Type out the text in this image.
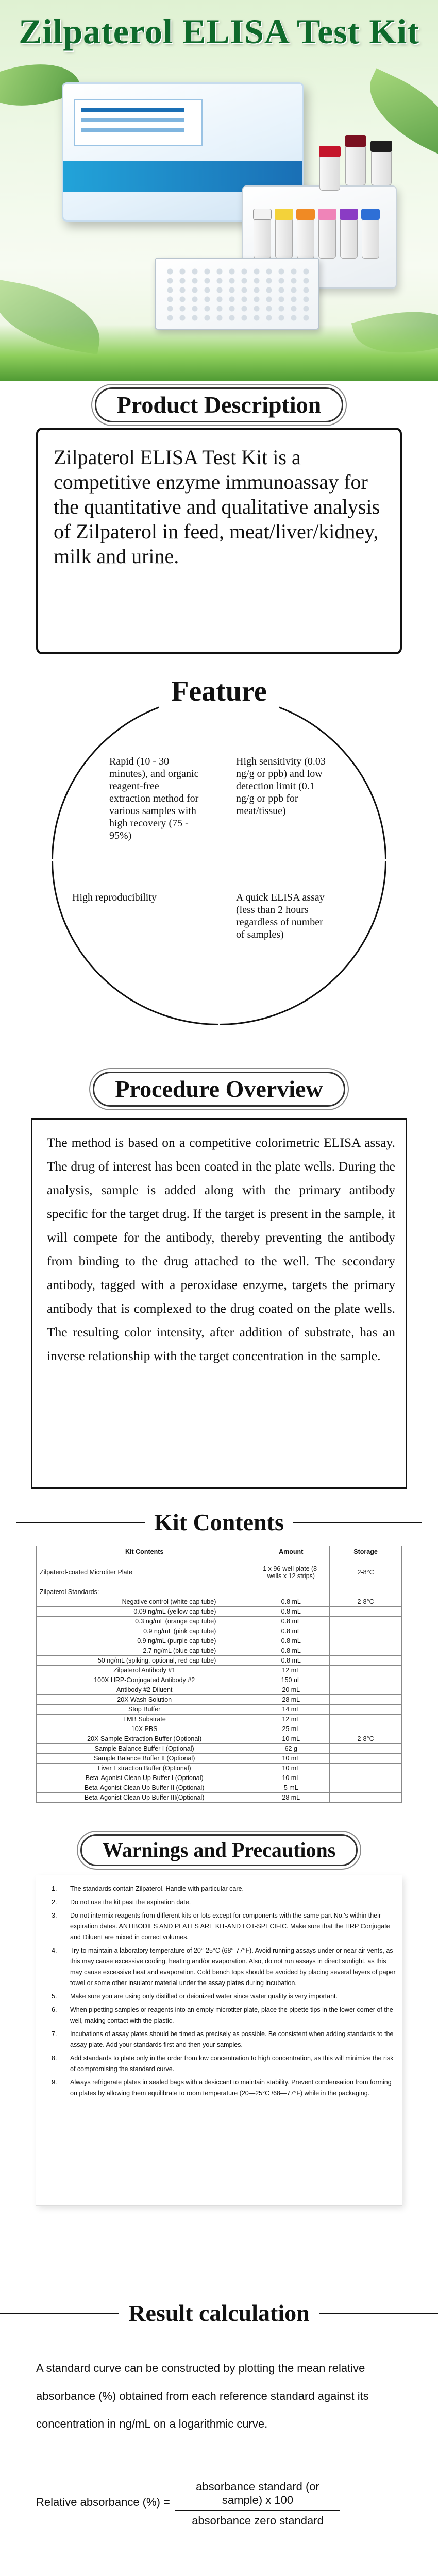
Zilpaterol ELISA Test Kit
Product Description

Zilpaterol ELISA Test Kit is a competitive enzyme immunoassay for the quantitative and qualitative analysis of Zilpaterol in feed, meat/liver/kidney, milk and urine.

Feature
Rapid (10 - 30 minutes), and organic reagent-free extraction method for various samples with high recovery (75 - 95%)
High sensitivity (0.03 ng/g or ppb) and low detection limit (0.1 ng/g or ppb for meat/tissue)
High reproducibility	A quick ELISA assay (less than 2 hours regardless of number of samples)
Procedure Overview

The method is based on a competitive colorimetric ELISA assay. The drug of interest has been coated in the plate wells. During the analysis, sample is added along with the primary antibody specific for the target drug. If the target is present in the sample, it will compete for the antibody, thereby preventing the antibody from binding to the drug attached to the well. The secondary antibody, tagged with a peroxidase enzyme, targets the primary antibody that is complexed to the drug coated on the plate wells. The resulting color intensity, after addition of substrate, has an inverse relationship with the target concentration in the sample.

Kit Contents
Kit Contents	Amount	Storage
Zilpaterol-coated Microtiter Plate	1 x 96-well plate (8-wells x 12 strips)	2-8°C
Zilpaterol Standards:		
Negative control (white cap tube)	0.8 mL	2-8°C
0.09 ng/mL (yellow cap tube)	0.8 mL	
0.3 ng/mL (orange cap tube)	0.8 mL	
0.9 ng/mL (pink cap tube)	0.8 mL	
0.9 ng/mL (purple cap tube)	0.8 mL	
2.7 ng/mL (blue cap tube)	0.8 mL	
50 ng/mL (spiking, optional, red cap tube)	0.8 mL	
Zilpaterol Antibody #1	12 mL	
100X HRP-Conjugated Antibody #2	150 uL	
Antibody #2 Diluent	20 mL	
20X Wash Solution	28 mL	
Stop Buffer	14 mL	
TMB Substrate	12 mL	
10X PBS	25 mL	
20X Sample Extraction Buffer (Optional)	10 mL	2-8°C
Sample Balance Buffer I (Optional)	62 g	
Sample Balance Buffer II (Optional)	10 mL	
Liver Extraction Buffer (Optional)	10 mL	
Beta-Agonist Clean Up Buffer I (Optional)	10 mL	
Beta-Agonist Clean Up Buffer II (Optional)	5 mL	
Beta-Agonist Clean Up Buffer III(Optional)	28 mL	
Warnings and Precautions
1. The standards contain Zilpaterol. Handle with particular care.
2. Do not use the kit past the expiration date.
3. Do not intermix reagents from different kits or lots except for components with the same part No.'s within their expiration dates. ANTIBODIES AND PLATES ARE KIT-AND LOT-SPECIFIC. Make sure that the HRP Conjugate and Diluent are mixed in correct volumes.
4. Try to maintain a laboratory temperature of 20°-25°C (68°-77°F). Avoid running assays under or near air vents, as this may cause excessive cooling, heating and/or evaporation. Also, do not run assays in direct sunlight, as this may cause excessive heat and evaporation. Cold bench tops should be avoided by placing several layers of paper towel or some other insulator material under the assay plates during incubation.
5. Make sure you are using only distilled or deionized water since water quality is very important.
6. When pipetting samples or reagents into an empty microtiter plate, place the pipette tips in the lower corner of the well, making contact with the plastic.
7. Incubations of assay plates should be timed as precisely as possible. Be consistent when adding standards to the assay plate. Add your standards first and then your samples.
8. Add standards to plate only in the order from low concentration to high concentration, as this will minimize the risk of compromising the standard curve.
9. Always refrigerate plates in sealed bags with a desiccant to maintain stability. Prevent condensation from forming on plates by allowing them equilibrate to room temperature (20—25°C /68—77°F) while in the packaging.
Result calculation

A standard curve can be constructed by plotting the mean relative absorbance (%) obtained from each reference standard against its concentration in ng/mL on a logarithmic curve.

Relative absorbance (%) =
absorbance standard (or sample) x 100
absorbance zero standard
